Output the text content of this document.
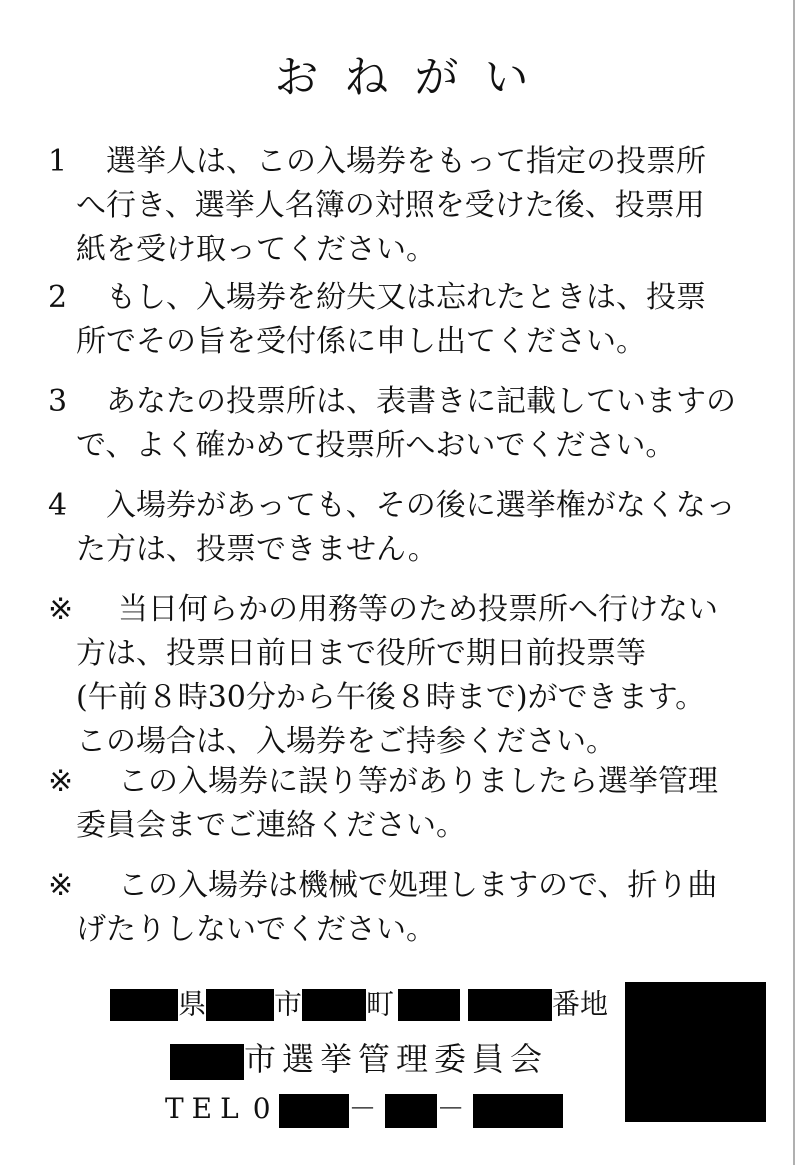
おねがい
1 選挙人は、この入場券をもって指定の投票所
へ行き、選挙人名簿の対照を受けた後、投票用
紙を受け取ってください。
2 もし、入場券を紛失又は忘れたときは、投票
所でその旨を受付係に申し出てください。
3 あなたの投票所は、表書きに記載していますの
で、よく確かめて投票所へおいでください。
4 入場券があっても、その後に選挙権がなくなっ
た方は、投票できません。
※ 当日何らかの用務等のため投票所へ行けない
方は、投票日前日まで役所で期日前投票等
(午前８時30分から午後８時まで)ができます。
この場合は、入場券をご持参ください。
※ この入場券に誤り等がありましたら選挙管理
委員会までご連絡ください。
※ この入場券は機械で処理しますので、折り曲
げたりしないでください。
県 市 町	番地
市選挙管理委員会
TEL 0	－ －
